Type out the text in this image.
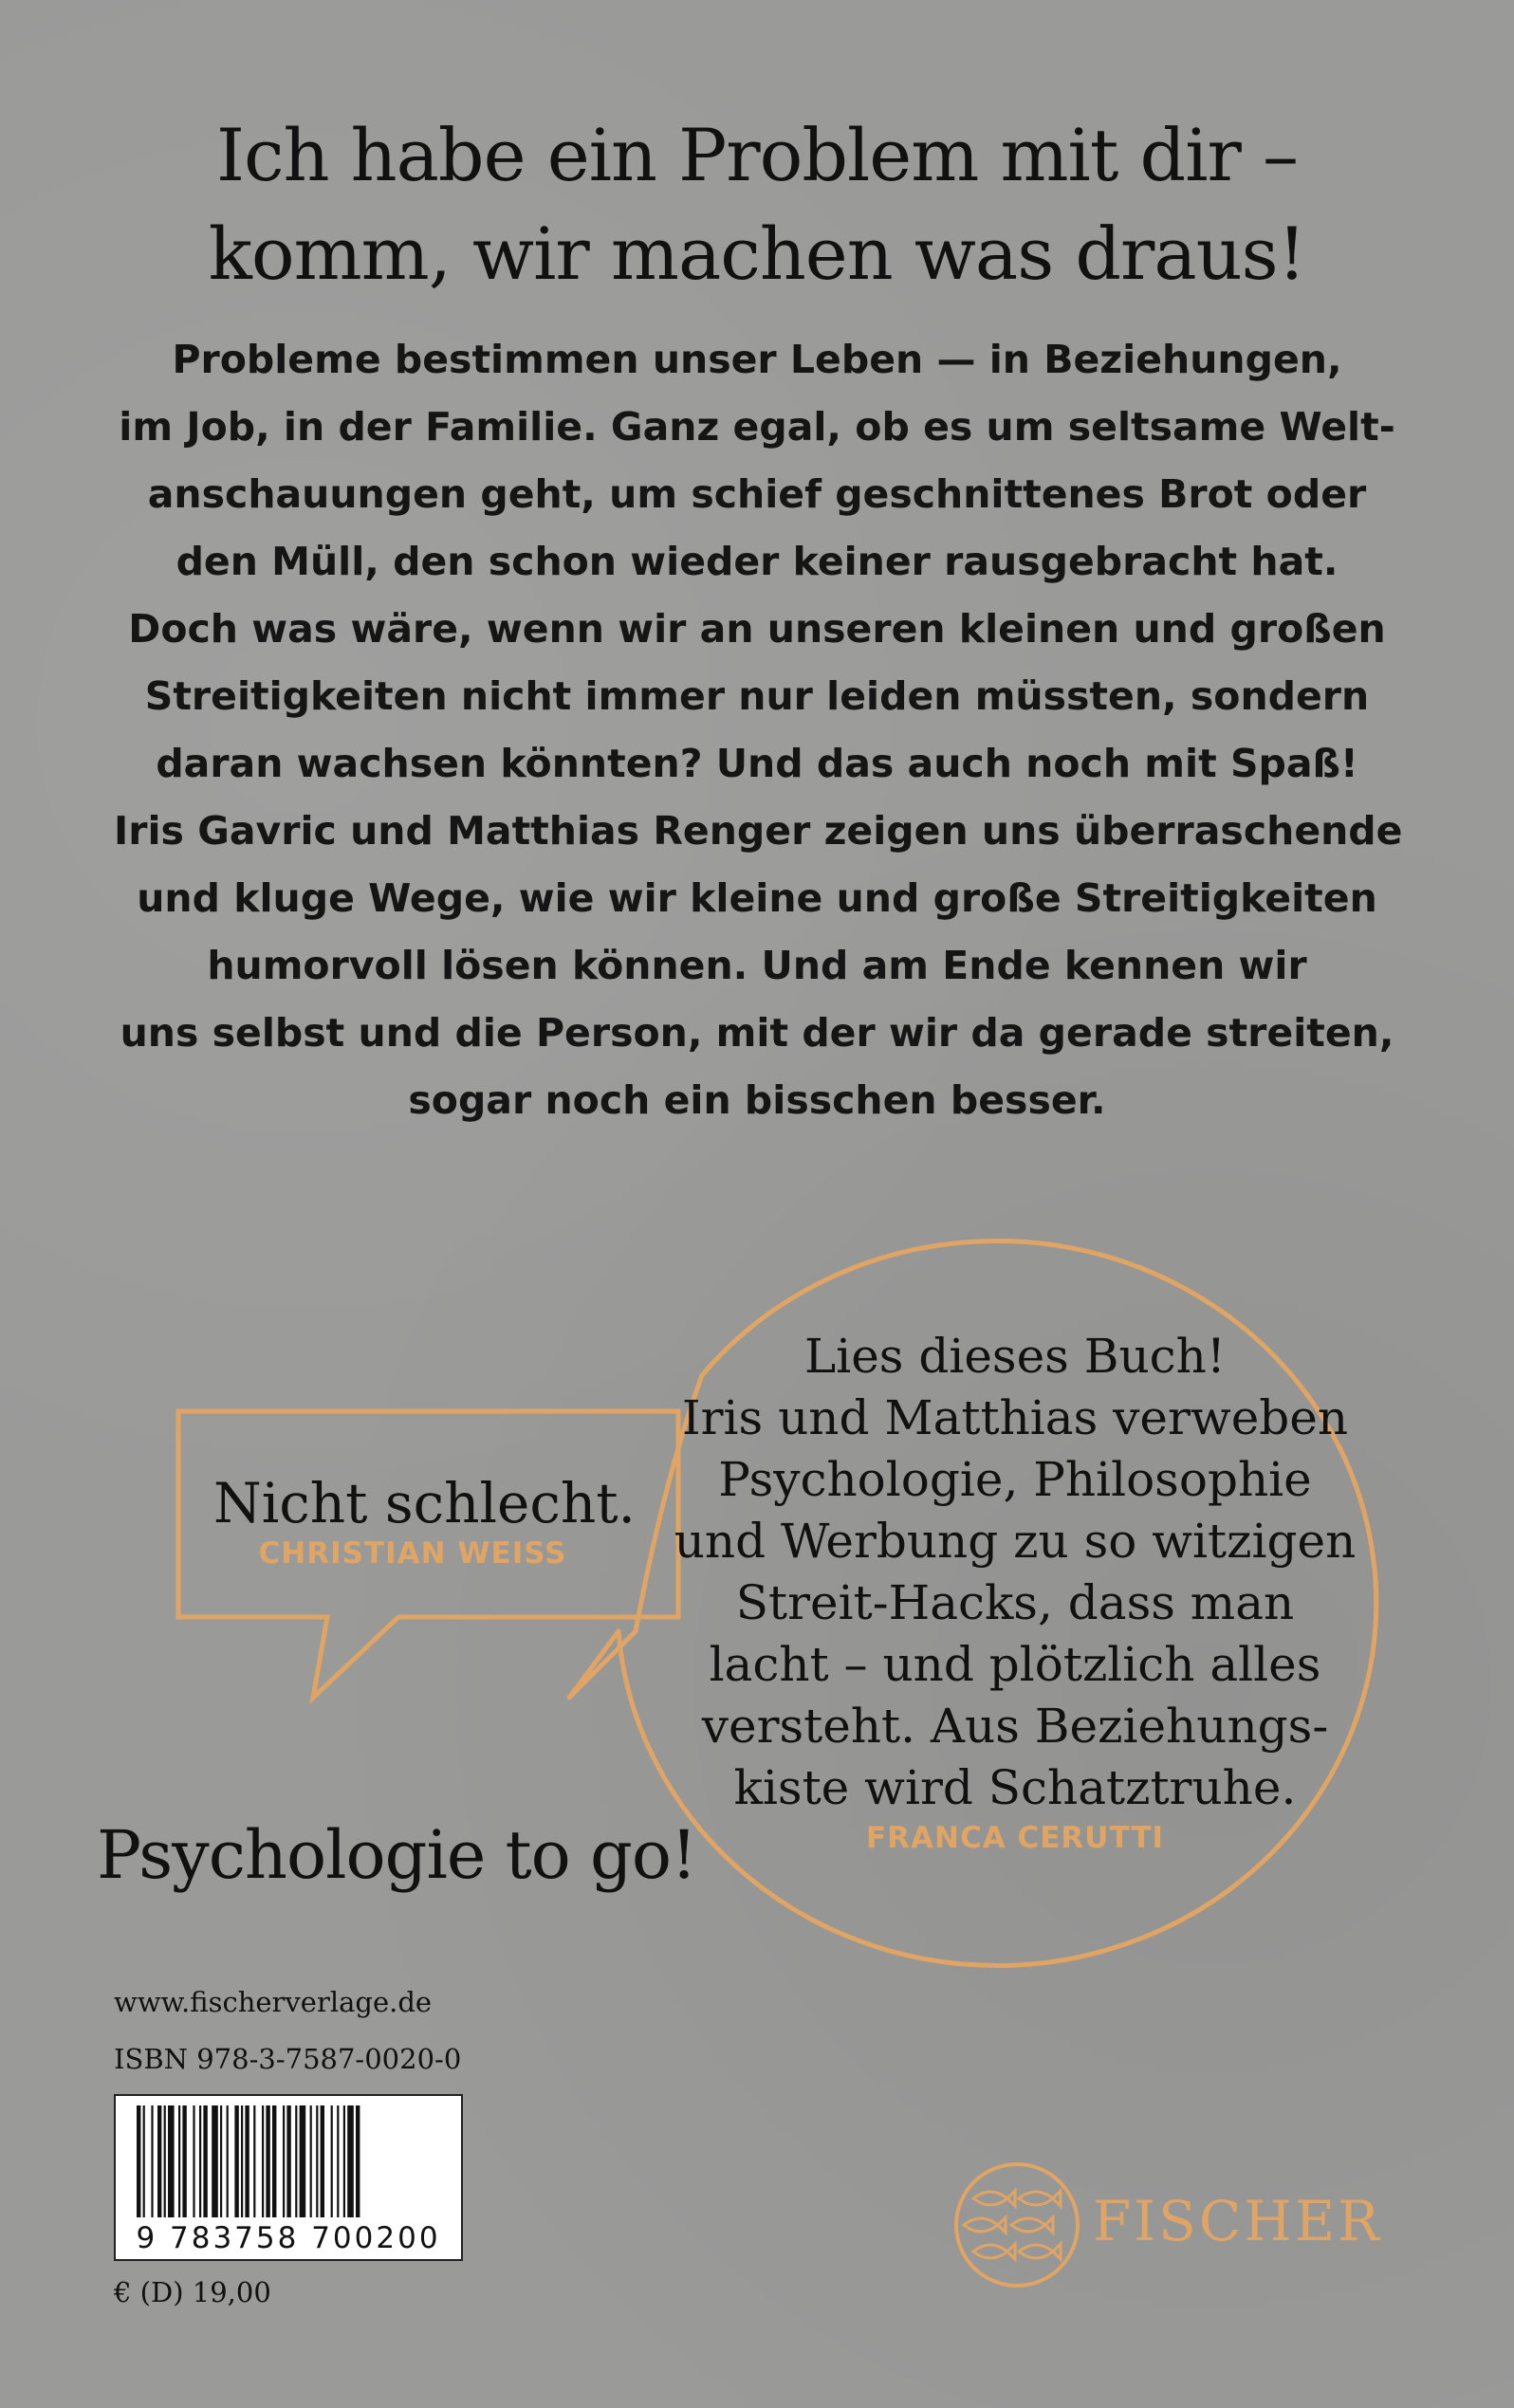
Ich habe ein Problem mit dir –
komm, wir machen was draus!
Probleme bestimmen unser Leben — in Beziehungen,
im Job, in der Familie. Ganz egal, ob es um seltsame Welt-
anschauungen geht, um schief geschnittenes Brot oder
den Müll, den schon wieder keiner rausgebracht hat.
Doch was wäre, wenn wir an unseren kleinen und großen
Streitigkeiten nicht immer nur leiden müssten, sondern
daran wachsen könnten? Und das auch noch mit Spaß!
Iris Gavric und Matthias Renger zeigen uns überraschende
und kluge Wege, wie wir kleine und große Streitigkeiten
humorvoll lösen können. Und am Ende kennen wir
uns selbst und die Person, mit der wir da gerade streiten,
sogar noch ein bisschen besser.
Nicht schlecht.
CHRISTIAN WEISS
Lies dieses Buch!
Iris und Matthias verweben
Psychologie, Philosophie
und Werbung zu so witzigen
Streit-Hacks, dass man
lacht – und plötzlich alles
versteht. Aus Beziehungs-
kiste wird Schatztruhe.
FRANCA CERUTTI
Psychologie to go!
www.fischerverlage.de
ISBN 978-3-7587-0020-0
9 783758 700200
€ (D) 19,00
FISCHER
